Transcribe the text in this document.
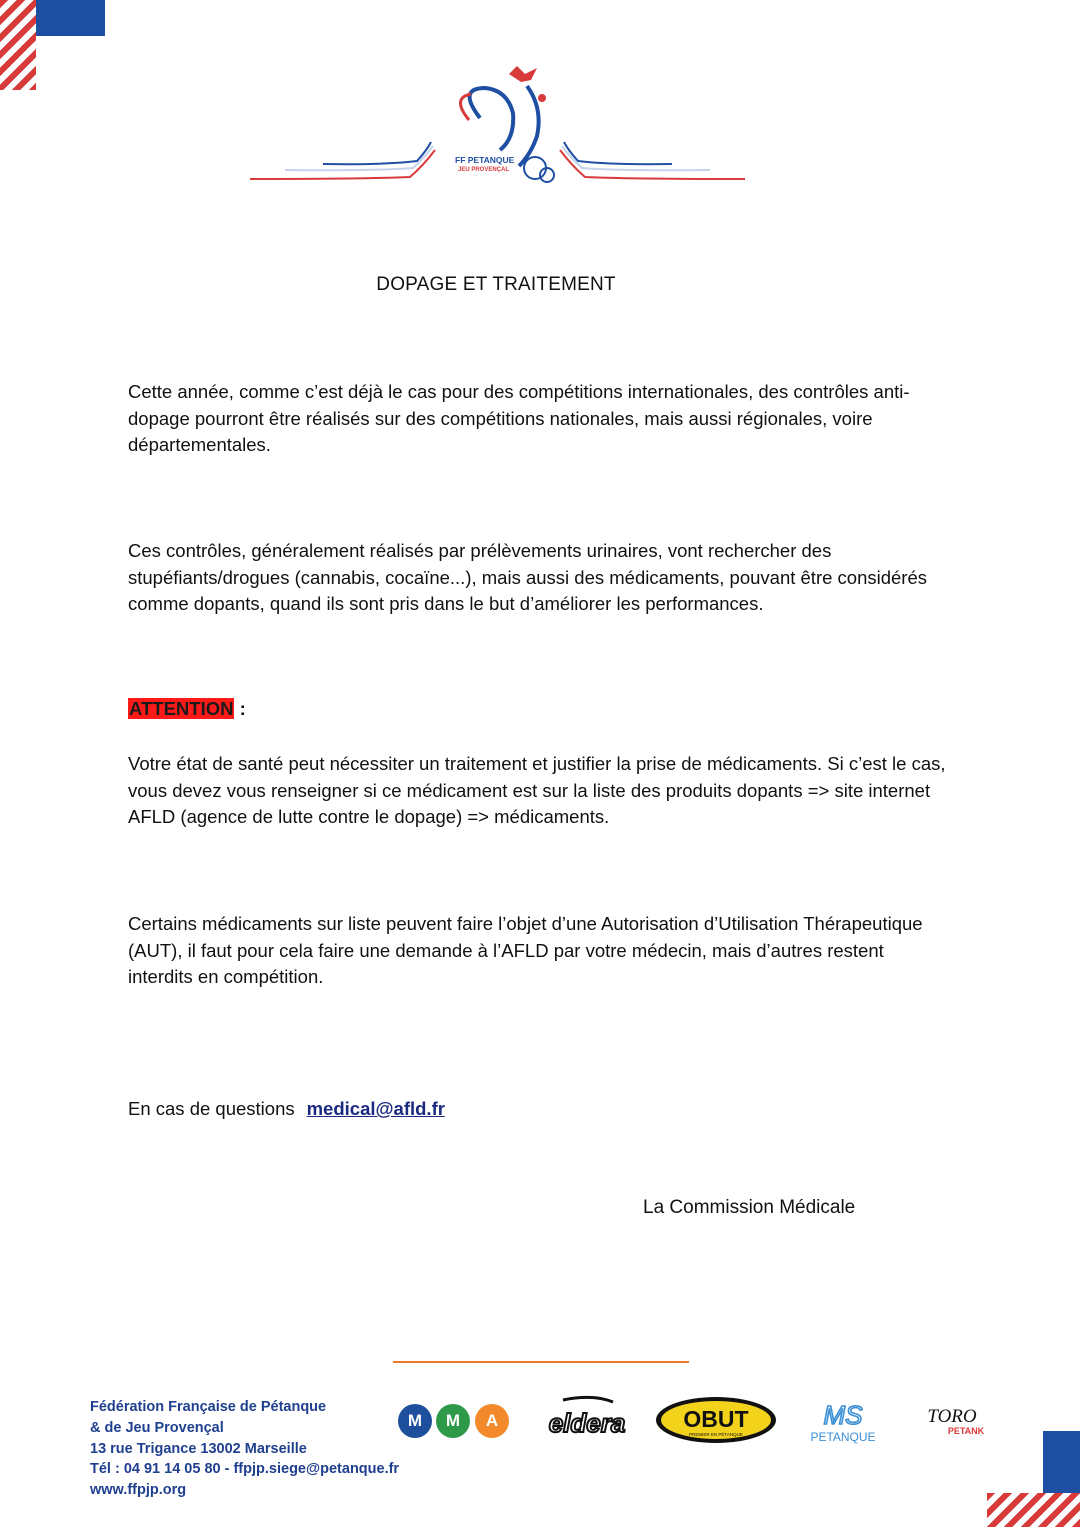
FF PETANQUE
JEU PROVENÇAL
DOPAGE ET TRAITEMENT

Cette année, comme c’est déjà le cas pour des compétitions internationales, des contrôles anti-dopage pourront être réalisés sur des compétitions nationales, mais aussi régionales, voire départementales.

Ces contrôles, généralement réalisés par prélèvements urinaires, vont rechercher des stupéfiants/drogues (cannabis, cocaïne...), mais aussi des médicaments, pouvant être considérés comme dopants, quand ils sont pris dans le but d’améliorer les performances.

ATTENTION :

Votre état de santé peut nécessiter un traitement et justifier la prise de médicaments. Si c’est le cas, vous devez vous renseigner si ce médicament est sur la liste des produits dopants => site internet AFLD (agence de lutte contre le dopage) => médicaments.

Certains médicaments sur liste peuvent faire l’objet d’une Autorisation d’Utilisation Thérapeutique (AUT), il faut pour cela faire une demande à l’AFLD par votre médecin, mais d’autres restent interdits en compétition.

En cas de questions medical@afld.fr
La Commission Médicale
Fédération Française de Pétanque
& de Jeu Provençal
13 rue Trigance 13002 Marseille
Tél : 04 91 14 05 80 - ffpjp.siege@petanque.fr
www.ffpjp.org
M	M	A	eldera	OBUT
PREMIER EN PÉTANQUE
MS
PETANQUE
TORO
PETANK
